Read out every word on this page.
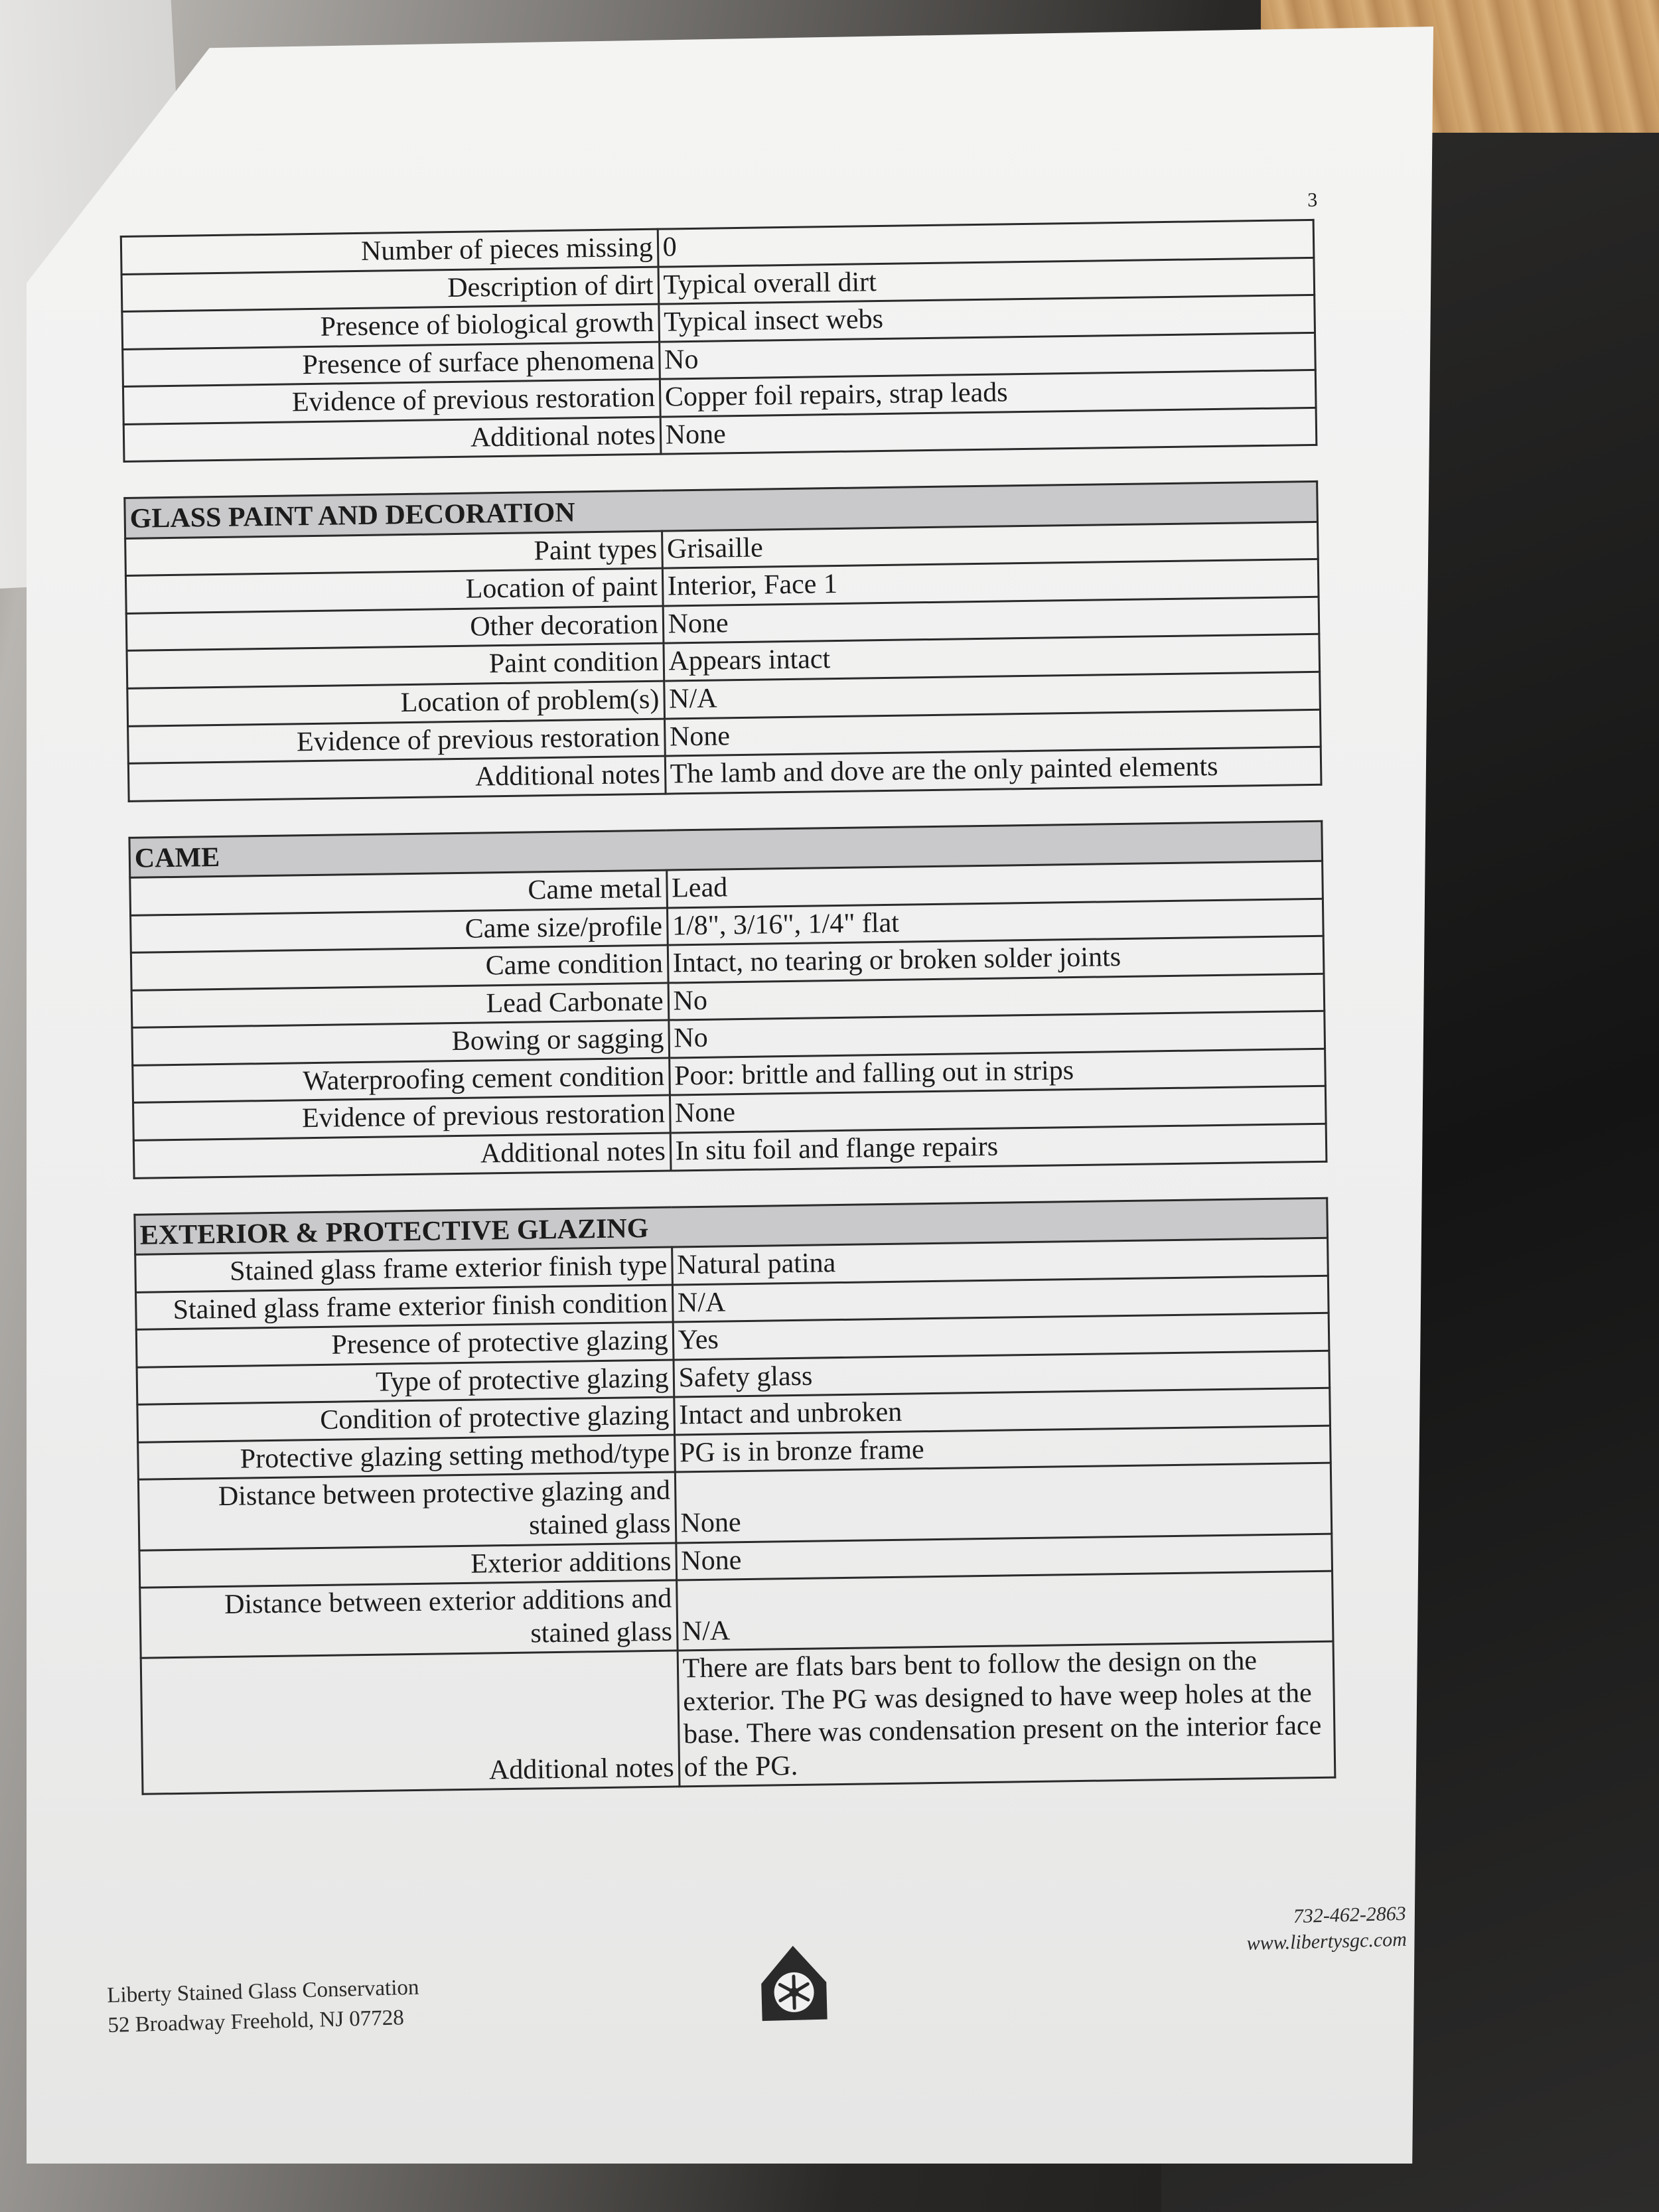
3
Number of pieces missing	0
Description of dirt	Typical overall dirt
Presence of biological growth	Typical insect webs
Presence of surface phenomena	No
Evidence of previous restoration	Copper foil repairs, strap leads
Additional notes	None
GLASS PAINT AND DECORATION	
Paint types	Grisaille
Location of paint	Interior, Face 1
Other decoration	None
Paint condition	Appears intact
Location of problem(s)	N/A
Evidence of previous restoration	None
Additional notes	The lamb and dove are the only painted elements
CAME	
Came metal	Lead
Came size/profile	1/8", 3/16", 1/4" flat
Came condition	Intact, no tearing or broken solder joints
Lead Carbonate	No
Bowing or sagging	No
Waterproofing cement condition	Poor: brittle and falling out in strips
Evidence of previous restoration	None
Additional notes	In situ foil and flange repairs
EXTERIOR & PROTECTIVE GLAZING	
Stained glass frame exterior finish type	Natural patina
Stained glass frame exterior finish condition	N/A
Presence of protective glazing	Yes
Type of protective glazing	Safety glass
Condition of protective glazing	Intact and unbroken
Protective glazing setting method/type	PG is in bronze frame
Distance between protective glazing and stained glass	None
Exterior additions	None
Distance between exterior additions and stained glass	N/A
Additional notes	There are flats bars bent to follow the design on the exterior. The PG was designed to have weep holes at the base. There was condensation present on the interior face of the PG.
Liberty Stained Glass Conservation
52 Broadway Freehold, NJ 07728
732-462-2863
www.libertysgc.com
